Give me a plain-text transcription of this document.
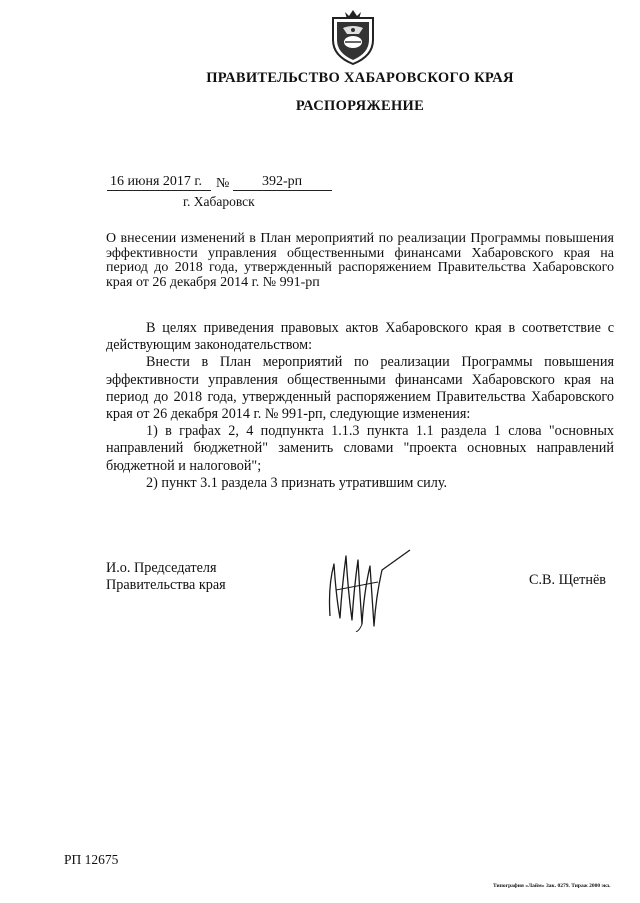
ПРАВИТЕЛЬСТВО ХАБАРОВСКОГО КРАЯ
РАСПОРЯЖЕНИЕ
16 июня 2017 г. № 392-рп
г. Хабаровск
О внесении изменений в План мероприятий по реализации Программы повышения эффективности управления общественными финансами Хабаровского края на период до 2018 года, утвержденный распоряжением Правительства Хабаровского края от 26 декабря 2014 г. № 991-рп

В целях приведения правовых актов Хабаровского края в соответствие с действующим законодательством:

Внести в План мероприятий по реализации Программы повышения эффективности управления общественными финансами Хабаровского края на период до 2018 года, утвержденный распоряжением Правительства Хабаровского края от 26 декабря 2014 г. № 991-рп, следующие изменения:

1) в графах 2, 4 подпункта 1.1.3 пункта 1.1 раздела 1 слова "основных направлений бюджетной" заменить словами "проекта основных направлений бюджетной и налоговой";

2) пункт 3.1 раздела 3 признать утратившим силу.

И.о. Председателя
Правительства края	С.В. Щетнёв
РП 12675
Типография «Лайм» Зак. 0279. Тираж 2000 экз.
